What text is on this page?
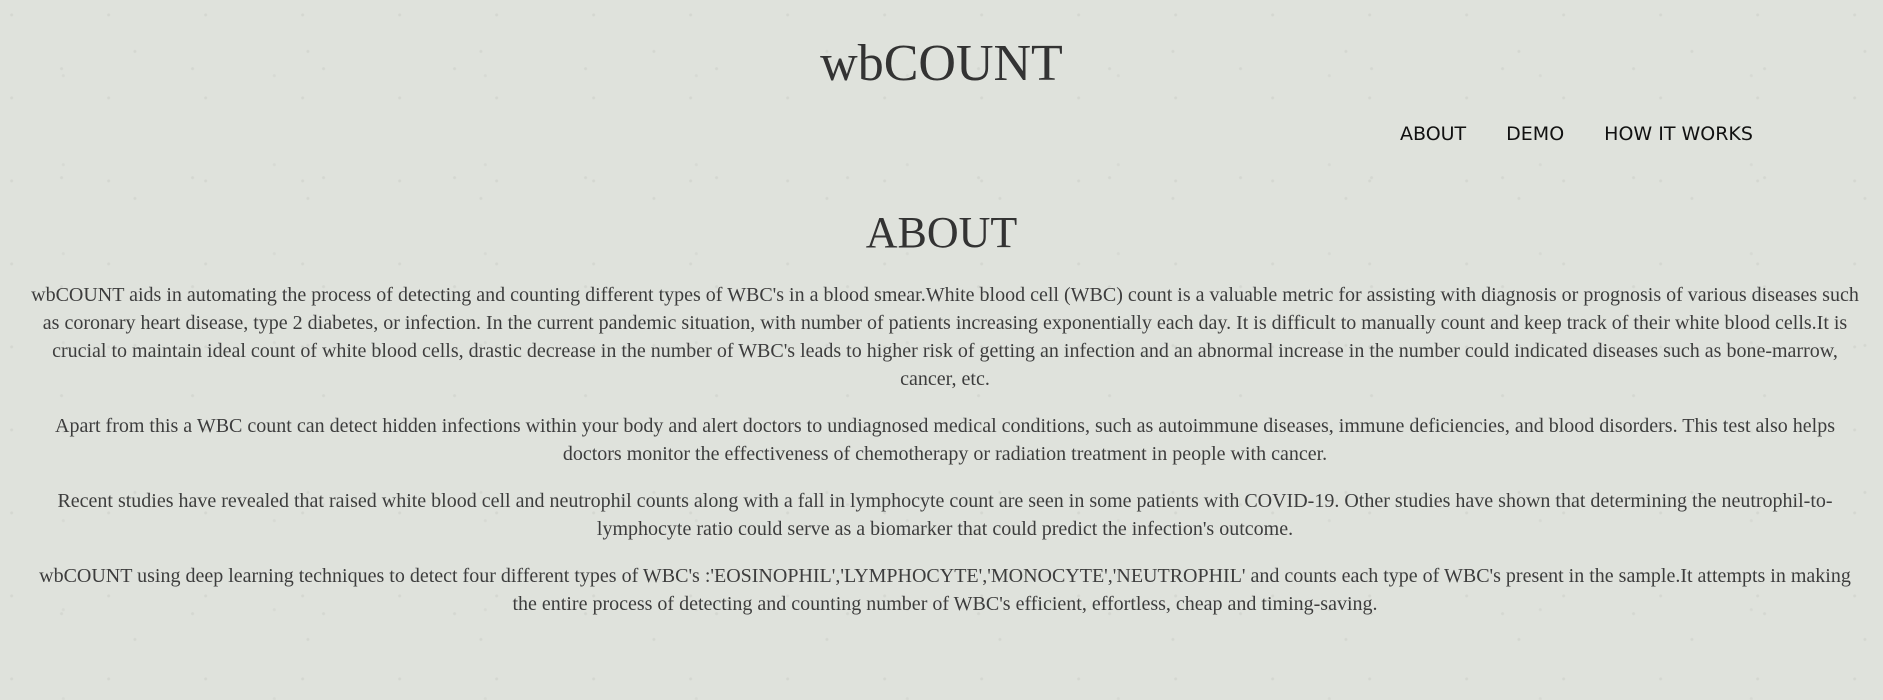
wbCOUNT
ABOUT DEMO HOW IT WORKS
ABOUT

wbCOUNT aids in automating the process of detecting and counting different types of WBC's in a blood smear.White blood cell (WBC) count is a valuable metric for assisting with diagnosis or prognosis of various diseases such as coronary heart disease, type 2 diabetes, or infection. In the current pandemic situation, with number of patients increasing exponentially each day. It is difficult to manually count and keep track of their white blood cells.It is crucial to maintain ideal count of white blood cells, drastic decrease in the number of WBC's leads to higher risk of getting an infection and an abnormal increase in the number could indicated diseases such as bone-marrow, cancer, etc.

Apart from this a WBC count can detect hidden infections within your body and alert doctors to undiagnosed medical conditions, such as autoimmune diseases, immune deficiencies, and blood disorders. This test also helps doctors monitor the effectiveness of chemotherapy or radiation treatment in people with cancer.

Recent studies have revealed that raised white blood cell and neutrophil counts along with a fall in lymphocyte count are seen in some patients with COVID-19. Other studies have shown that determining the neutrophil-to-lymphocyte ratio could serve as a biomarker that could predict the infection's outcome.

wbCOUNT using deep learning techniques to detect four different types of WBC's :'EOSINOPHIL','LYMPHOCYTE','MONOCYTE','NEUTROPHIL' and counts each type of WBC's present in the sample.It attempts in making the entire process of detecting and counting number of WBC's efficient, effortless, cheap and timing-saving.
